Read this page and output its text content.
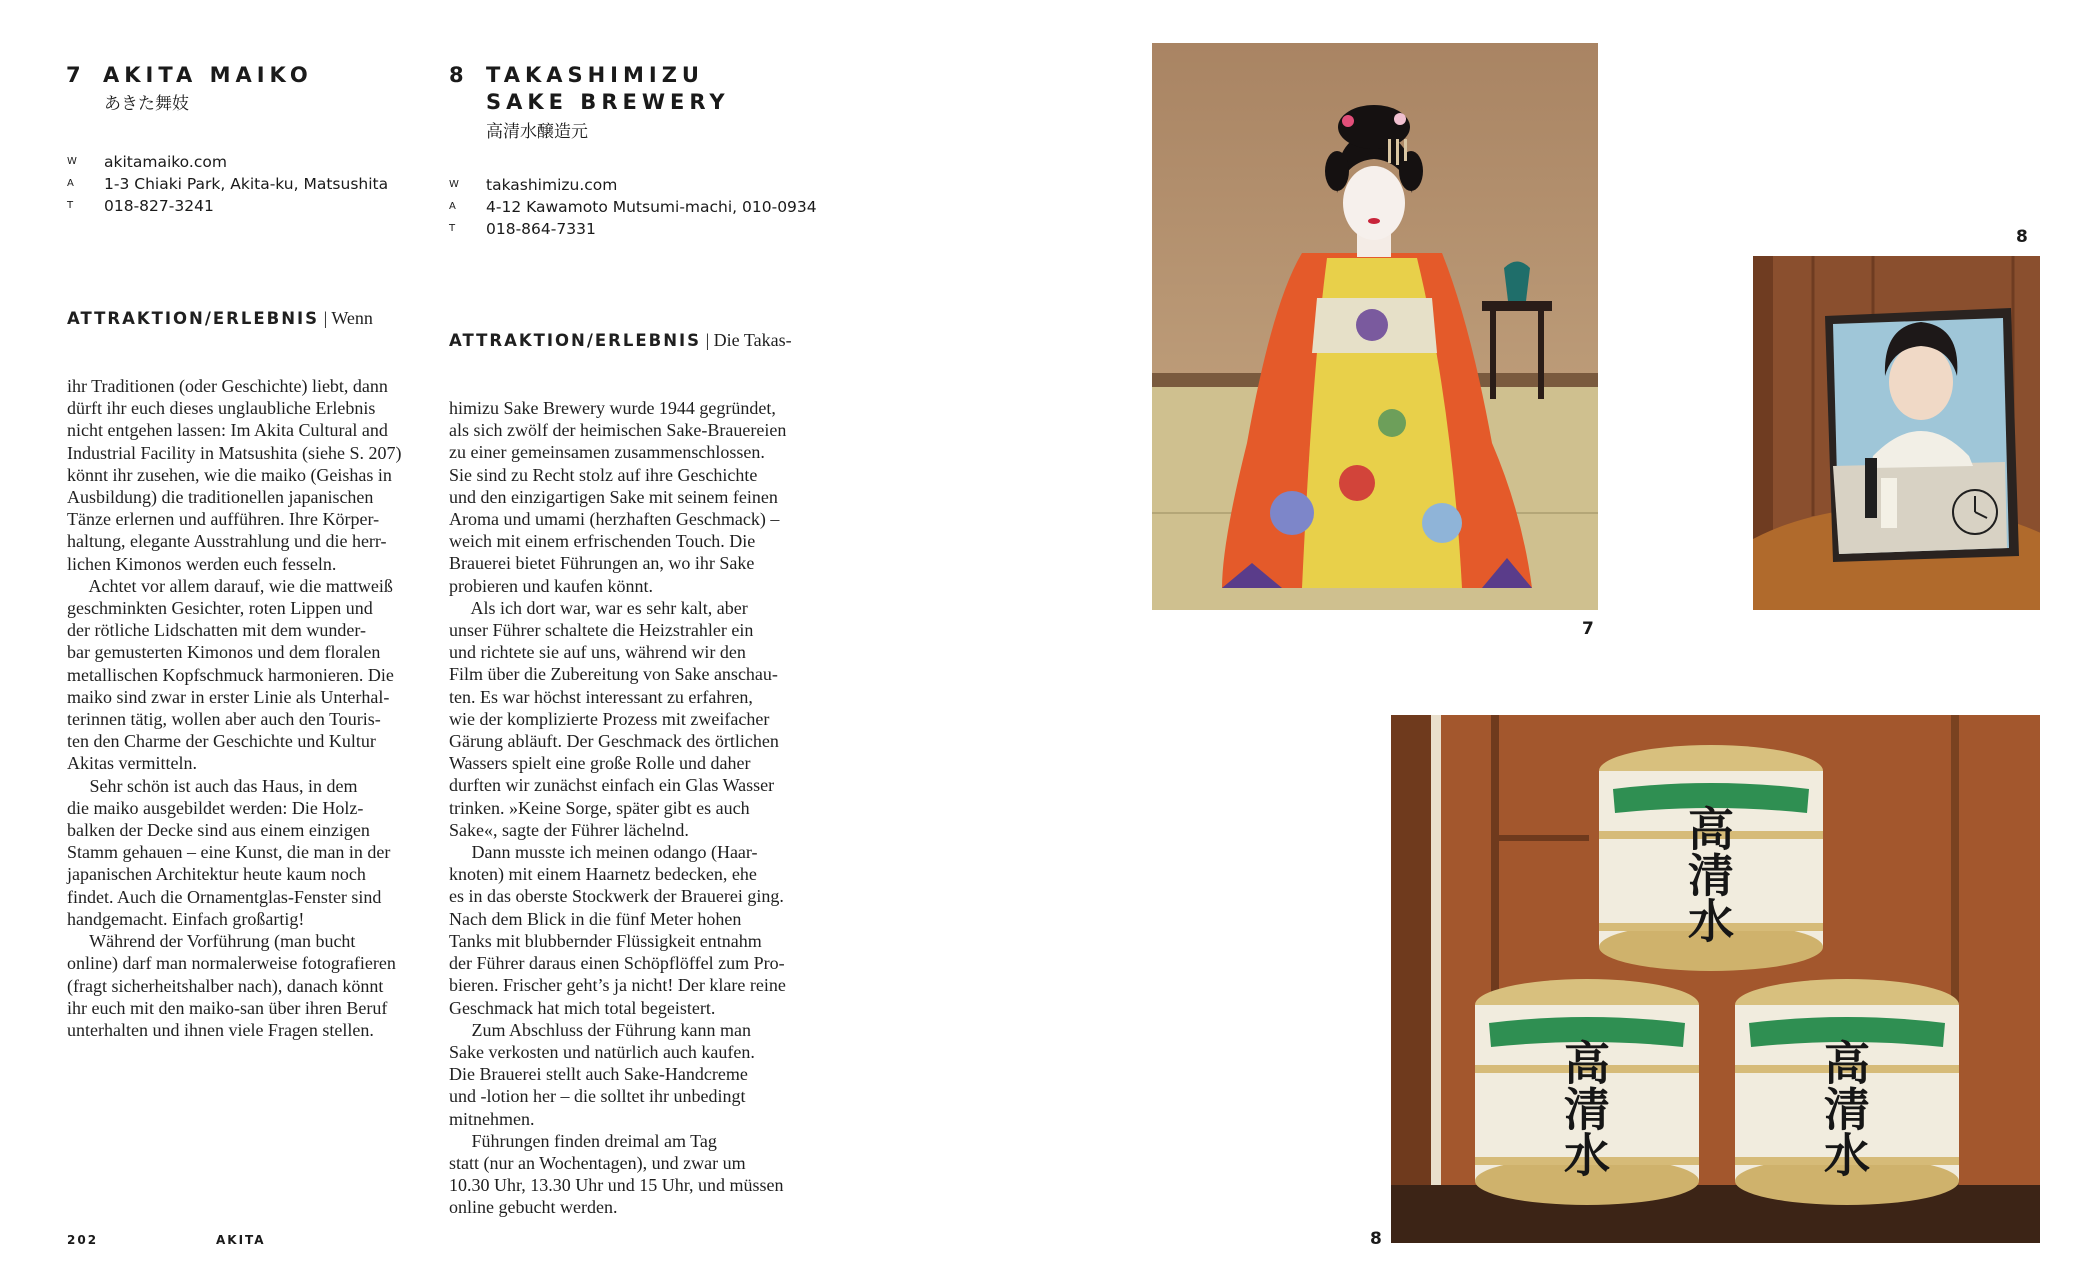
7 AKITA MAIKO
あきた舞妓
W akitamaiko.com
A 1-3 Chiaki Park, Akita-ku, Matsushita
T 018-827-3241

ATTRAKTION/ERLEBNIS | Wenn

ihr Traditionen (oder Geschichte) liebt, dann
dürft ihr euch dieses unglaubliche Erlebnis
nicht entgehen lassen: Im Akita Cultural and
Industrial Facility in Matsushita (siehe S. 207)
könnt ihr zusehen, wie die maiko (Geishas in
Ausbildung) die traditionellen japanischen
Tänze erlernen und aufführen. Ihre Körper-
haltung, elegante Ausstrahlung und die herr-
lichen Kimonos werden euch fesseln.
Achtet vor allem darauf, wie die mattweiß
geschminkten Gesichter, roten Lippen und
der rötliche Lidschatten mit dem wunder-
bar gemusterten Kimonos und dem floralen
metallischen Kopfschmuck harmonieren. Die
maiko sind zwar in erster Linie als Unterhal-
terinnen tätig, wollen aber auch den Touris-
ten den Charme der Geschichte und Kultur
Akitas vermitteln.
Sehr schön ist auch das Haus, in dem
die maiko ausgebildet werden: Die Holz-
balken der Decke sind aus einem einzigen
Stamm gehauen – eine Kunst, die man in der
japanischen Architektur heute kaum noch
findet. Auch die Ornamentglas-Fenster sind
handgemacht. Einfach großartig!
Während der Vorführung (man bucht
online) darf man normalerweise fotografieren
(fragt sicherheitshalber nach), danach könnt
ihr euch mit den maiko-san über ihren Beruf
unterhalten und ihnen viele Fragen stellen.

8 TAKASHIMIZU
SAKE BREWERY
高清水醸造元
W takashimizu.com
A 4-12 Kawamoto Mutsumi-machi, 010-0934
T 018-864-7331

ATTRAKTION/ERLEBNIS | Die Takas-

himizu Sake Brewery wurde 1944 gegründet,
als sich zwölf der heimischen Sake-Brauereien
zu einer gemeinsamen zusammenschlossen.
Sie sind zu Recht stolz auf ihre Geschichte
und den einzigartigen Sake mit seinem feinen
Aroma und umami (herzhaften Geschmack) –
weich mit einem erfrischenden Touch. Die
Brauerei bietet Führungen an, wo ihr Sake
probieren und kaufen könnt.
Als ich dort war, war es sehr kalt, aber
unser Führer schaltete die Heizstrahler ein
und richtete sie auf uns, während wir den
Film über die Zubereitung von Sake anschau-
ten. Es war höchst interessant zu erfahren,
wie der komplizierte Prozess mit zweifacher
Gärung abläuft. Der Geschmack des örtlichen
Wassers spielt eine große Rolle und daher
durften wir zunächst einfach ein Glas Wasser
trinken. »Keine Sorge, später gibt es auch
Sake«, sagte der Führer lächelnd.
Dann musste ich meinen odango (Haar-
knoten) mit einem Haarnetz bedecken, ehe
es in das oberste Stockwerk der Brauerei ging.
Nach dem Blick in die fünf Meter hohen
Tanks mit blubbernder Flüssigkeit entnahm
der Führer daraus einen Schöpflöffel zum Pro-
bieren. Frischer geht’s ja nicht! Der klare reine
Geschmack hat mich total begeistert.
Zum Abschluss der Führung kann man
Sake verkosten und natürlich auch kaufen.
Die Brauerei stellt auch Sake-Handcreme
und -lotion her – die solltet ihr unbedingt
mitnehmen.
Führungen finden dreimal am Tag
statt (nur an Wochentagen), und zwar um
10.30 Uhr, 13.30 Uhr und 15 Uhr, und müssen
online gebucht werden.

7
8
高清水
高清水	高清水
8
202	AKITA
